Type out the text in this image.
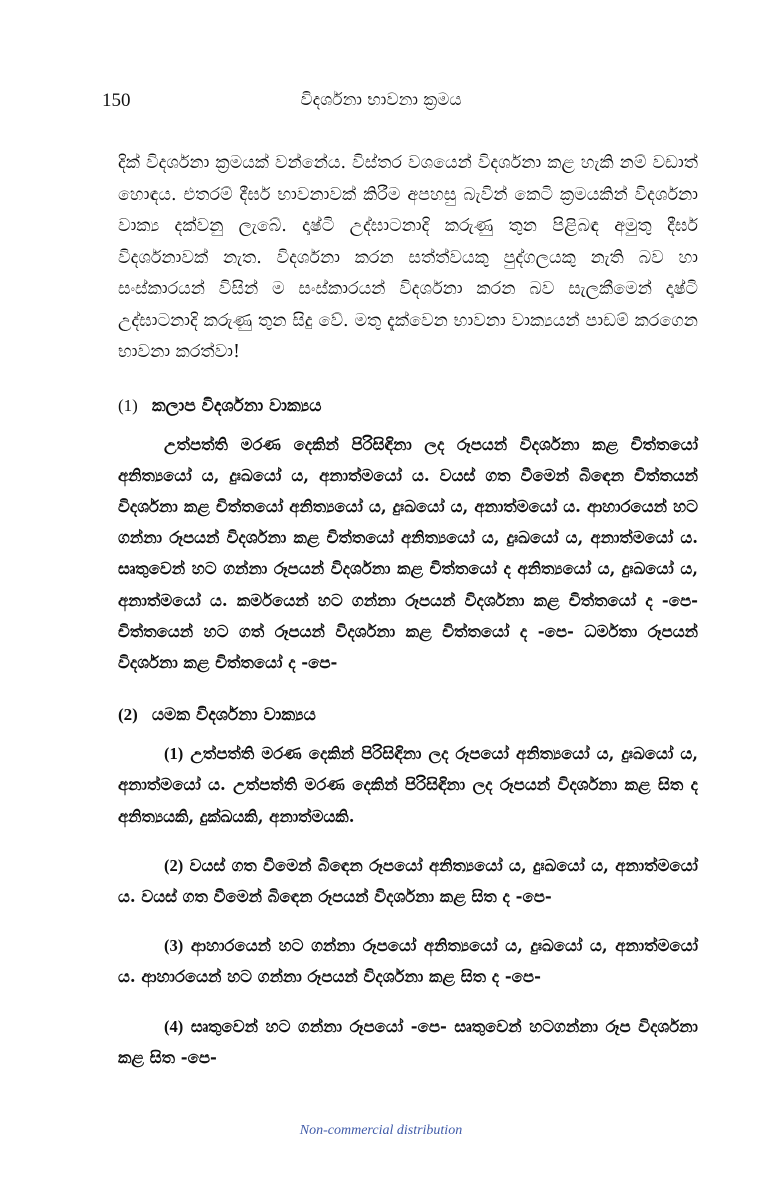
150	විදර්ශනා භාවනා ක්‍රමය

දික් විදර්ශනා ක්‍රමයක් වන්නේය. විස්තර වශයෙන් විදර්ශනා කළ හැකි නම් වඩාත් හොඳය. එතරම් දීර්ඝ භාවනාවක් කිරීම අපහසු බැවින් කෙටි ක්‍රමයකින් විදර්ශනා වාක්‍ය දක්වනු ලැබේ. දෘෂ්ටි උද්ඝාටනාදි කරුණු තුන පිළිබඳ අමුතු දීර්ඝ විදර්ශනාවක් නැත. විදර්ශනා කරන සත්ත්වයකු පුද්ගලයකු නැති බව හා සංස්කාරයන් විසින් ම සංස්කාරයන් විදර්ශනා කරන බව සැලකීමෙන් දෘෂ්ටි උද්ඝාටනාදි කරුණු තුන සිදු වේ. මතු දැක්වෙන භාවනා වාක්‍යයන් පාඩම් කරගෙන භාවනා කරත්වා!

(1) කලාප විදර්ශනා වාක්‍යය

උත්පත්ති මරණ දෙකින් පිරිසිඳිනා ලද රූපයන් විදර්ශනා කළ චිත්තයෝ අනිත්‍යයෝ ය, දුඃඛයෝ ය, අනාත්මයෝ ය. වයස් ගත වීමෙන් බිඳෙන චිත්තයන් විදර්ශනා කළ චිත්තයෝ අනිත්‍යයෝ ය, දුඃඛයෝ ය, අනාත්මයෝ ය. ආහාරයෙන් හට ගන්නා රූපයන් විදර්ශනා කළ චිත්තයෝ අනිත්‍යයෝ ය, දුඃඛයෝ ය, අනාත්මයෝ ය. සෘතුවෙන් හට ගන්නා රූපයන් විදර්ශනා කළ චිත්තයෝ ද අනිත්‍යයෝ ය, දුඃඛයෝ ය, අනාත්මයෝ ය. කර්මයෙන් හට ගන්නා රූපයන් විදර්ශනා කළ චිත්තයෝ ද -පෙ- චිත්තයෙන් හට ගත් රූපයන් විදර්ශනා කළ චිත්තයෝ ද -පෙ- ධර්මතා රූපයන් විදර්ශනා කළ චිත්තයෝ ද -පෙ-

(2) යමක විදර්ශනා වාක්‍යය

(1) උත්පත්ති මරණ දෙකින් පිරිසිඳිනා ලද රූපයෝ අනිත්‍යයෝ ය, දුඃඛයෝ ය, අනාත්මයෝ ය. උත්පත්ති මරණ දෙකින් පිරිසිඳිනා ලද රූපයන් විදර්ශනා කළ සිත ද අනිත්‍යයකි, දුක්ඛයකි, අනාත්මයකි.

(2) වයස් ගත වීමෙන් බිඳෙන රූපයෝ අනිත්‍යයෝ ය, දුඃඛයෝ ය, අනාත්මයෝ ය. වයස් ගත වීමෙන් බිඳෙන රූපයන් විදර්ශනා කළ සිත ද -පෙ-

(3) ආහාරයෙන් හට ගන්නා රූපයෝ අනිත්‍යයෝ ය, දුඃඛයෝ ය, අනාත්මයෝ ය. ආහාරයෙන් හට ගන්නා රූපයන් විදර්ශනා කළ සිත ද -පෙ-

(4) සෘතුවෙන් හට ගන්නා රූපයෝ -පෙ- සෘතුවෙන් හටගන්නා රූප විදර්ශනා කළ සිත -පෙ-

Non-commercial distribution
